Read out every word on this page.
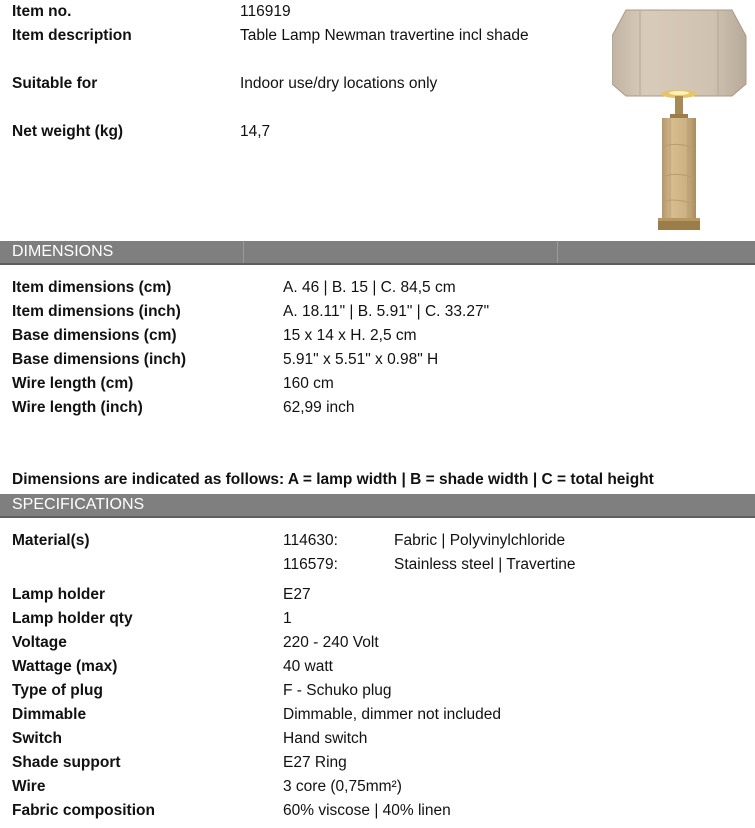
Item no.	116919
Item description	Table Lamp Newman travertine incl shade
Suitable for	Indoor use/dry locations only
Net weight (kg)	14,7
DIMENSIONS
Item dimensions (cm)	A. 46 | B. 15 | C. 84,5 cm
Item dimensions (inch)	A. 18.11" | B. 5.91" | C. 33.27"
Base dimensions (cm)	15 x 14 x H. 2,5 cm
Base dimensions (inch)	5.91" x 5.51" x 0.98" H
Wire length (cm)	160 cm
Wire length (inch)	62,99 inch
Dimensions are indicated as follows: A = lamp width | B = shade width | C = total height
SPECIFICATIONS
Material(s)	114630:	Fabric | Polyvinylchloride
116579:	Stainless steel | Travertine
Lamp holder	E27
Lamp holder qty	1
Voltage	220 - 240 Volt
Wattage (max)	40 watt
Type of plug	F - Schuko plug
Dimmable	Dimmable, dimmer not included
Switch	Hand switch
Shade support	E27 Ring
Wire	3 core (0,75mm²)
Fabric composition	60% viscose | 40% linen
